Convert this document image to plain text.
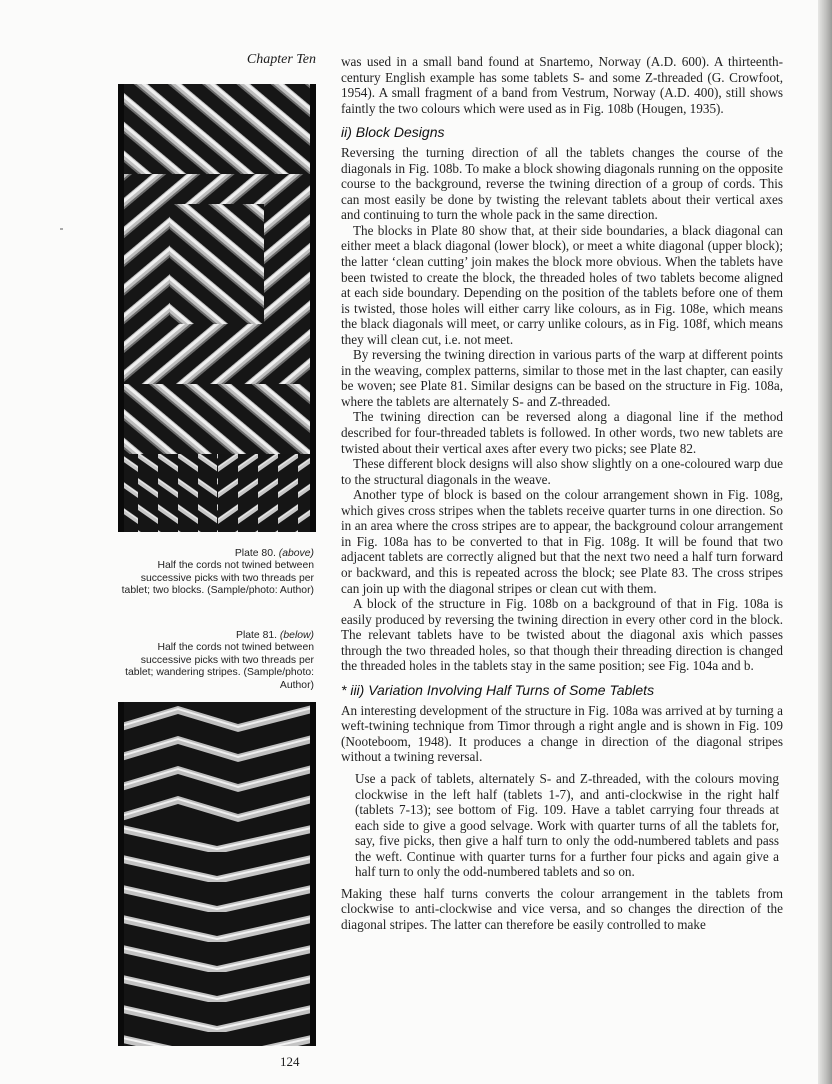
Chapter Ten
Plate 80. (above)
Half the cords not twined between successive picks with two threads per tablet; two blocks. (Sample/photo: Author)
Plate 81. (below)
Half the cords not twined between successive picks with two threads per tablet; wandering stripes. (Sample/photo: Author)

was used in a small band found at Snartemo, Norway (A.D. 600). A thirteenth-century English example has some tablets S- and some Z-threaded (G. Crowfoot, 1954). A small fragment of a band from Vestrum, Norway (A.D. 400), still shows faintly the two colours which were used as in Fig. 108b (Hougen, 1935).

ii) Block Designs

Reversing the turning direction of all the tablets changes the course of the diagonals in Fig. 108b. To make a block showing diagonals running on the opposite course to the background, reverse the twining direction of a group of cords. This can most easily be done by twisting the relevant tablets about their vertical axes and continuing to turn the whole pack in the same direction.

The blocks in Plate 80 show that, at their side boundaries, a black diagonal can either meet a black diagonal (lower block), or meet a white diagonal (upper block); the latter ‘clean cutting’ join makes the block more obvious. When the tablets have been twisted to create the block, the threaded holes of two tablets become aligned at each side boundary. Depending on the position of the tablets before one of them is twisted, those holes will either carry like colours, as in Fig. 108e, which means the black diagonals will meet, or carry unlike colours, as in Fig. 108f, which means they will clean cut, i.e. not meet.

By reversing the twining direction in various parts of the warp at different points in the weaving, complex patterns, similar to those met in the last chapter, can easily be woven; see Plate 81. Similar designs can be based on the structure in Fig. 108a, where the tablets are alternately S- and Z-threaded.

The twining direction can be reversed along a diagonal line if the method described for four-threaded tablets is followed. In other words, two new tablets are twisted about their vertical axes after every two picks; see Plate 82.

These different block designs will also show slightly on a one-coloured warp due to the structural diagonals in the weave.

Another type of block is based on the colour arrangement shown in Fig. 108g, which gives cross stripes when the tablets receive quarter turns in one direction. So in an area where the cross stripes are to appear, the background colour arrangement in Fig. 108a has to be converted to that in Fig. 108g. It will be found that two adjacent tablets are correctly aligned but that the next two need a half turn forward or backward, and this is repeated across the block; see Plate 83. The cross stripes can join up with the diagonal stripes or clean cut with them.

A block of the structure in Fig. 108b on a background of that in Fig. 108a is easily produced by reversing the twining direction in every other cord in the block. The relevant tablets have to be twisted about the diagonal axis which passes through the two threaded holes, so that though their threading direction is changed the threaded holes in the tablets stay in the same position; see Fig. 104a and b.

* iii) Variation Involving Half Turns of Some Tablets

An interesting development of the structure in Fig. 108a was arrived at by turning a weft-twining technique from Timor through a right angle and is shown in Fig. 109 (Nooteboom, 1948). It produces a change in direction of the diagonal stripes without a twining reversal.

Use a pack of tablets, alternately S- and Z-threaded, with the colours moving clockwise in the left half (tablets 1-7), and anti-clockwise in the right half (tablets 7-13); see bottom of Fig. 109. Have a tablet carrying four threads at each side to give a good selvage. Work with quarter turns of all the tablets for, say, five picks, then give a half turn to only the odd-numbered tablets and pass the weft. Continue with quarter turns for a further four picks and again give a half turn to only the odd-numbered tablets and so on.

Making these half turns converts the colour arrangement in the tablets from clockwise to anti-clockwise and vice versa, and so changes the direction of the diagonal stripes. The latter can therefore be easily controlled to make

124
